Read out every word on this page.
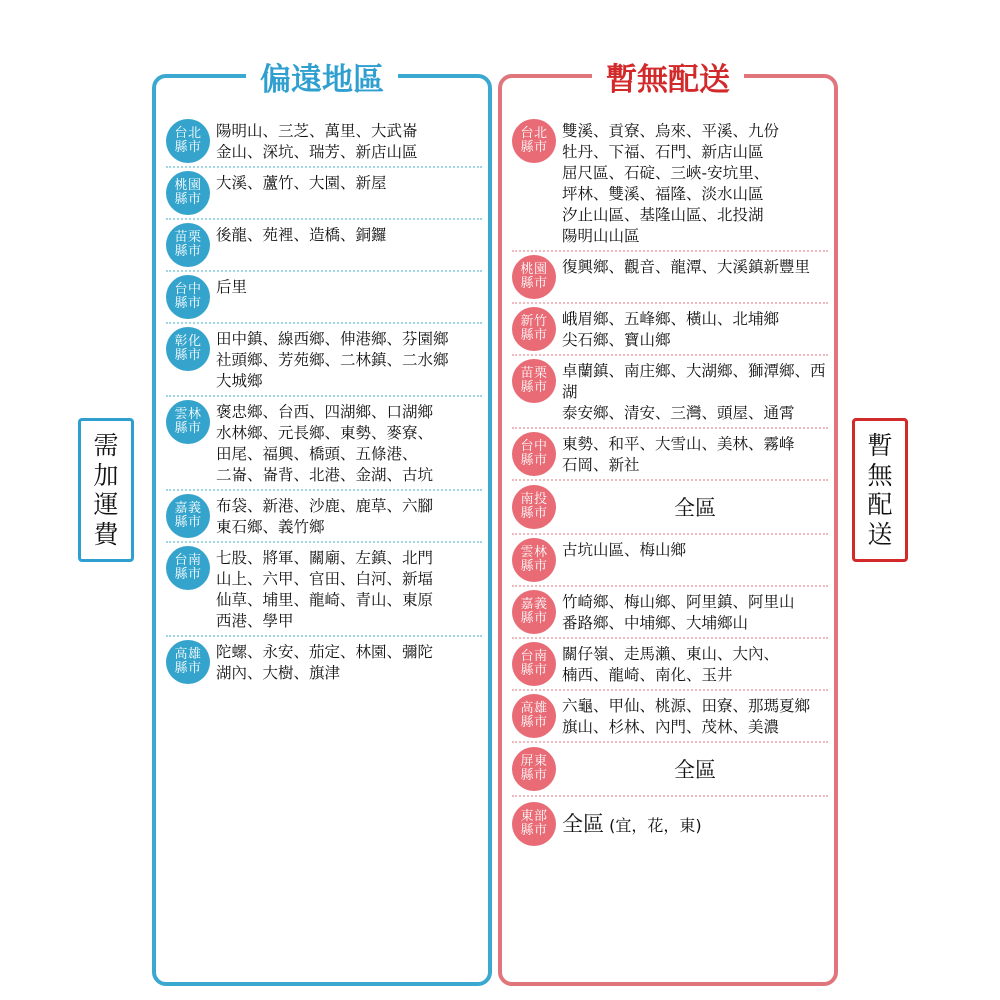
需
加
運
費
暫
無
配
送
偏遠地區
台北
縣市
陽明山、三芝、萬里、大武崙
金山、深坑、瑞芳、新店山區
桃園
縣市
大溪、蘆竹、大園、新屋
苗栗
縣市
後龍、苑裡、造橋、銅鑼
台中
縣市
后里
彰化
縣市
田中鎮、線西鄉、伸港鄉、芬園鄉
社頭鄉、芳苑鄉、二林鎮、二水鄉
大城鄉
雲林
縣市
褒忠鄉、台西、四湖鄉、口湖鄉
水林鄉、元長鄉、東勢、麥寮、
田尾、福興、橋頭、五條港、
二崙、崙背、北港、金湖、古坑
嘉義
縣市
布袋、新港、沙鹿、鹿草、六腳
東石鄉、義竹鄉
台南
縣市
七股、將軍、關廟、左鎮、北門
山上、六甲、官田、白河、新堛
仙草、埔里、龍崎、青山、東原
西港、學甲
高雄
縣市
陀螺、永安、茄定、林園、彌陀
湖內、大樹、旗津
暫無配送
台北
縣市
雙溪、貢寮、烏來、平溪、九份
牡丹、下福、石門、新店山區
屈尺區、石碇、三峽-安坑里、
坪林、雙溪、福隆、淡水山區
汐止山區、基隆山區、北投湖
陽明山山區
桃園
縣市
復興鄉、觀音、龍潭、大溪鎮新豐里
新竹
縣市
峨眉鄉、五峰鄉、橫山、北埔鄉
尖石鄉、寶山鄉
苗栗
縣市
卓蘭鎮、南庄鄉、大湖鄉、獅潭鄉、西湖
泰安鄉、清安、三灣、頭屋、通霄
台中
縣市
東勢、和平、大雪山、美林、霧峰
石岡、新社
南投
縣市	全區
雲林
縣市
古坑山區、梅山鄉
嘉義
縣市
竹崎鄉、梅山鄉、阿里鎮、阿里山
番路鄉、中埔鄉、大埔鄉山
台南
縣市
關仔嶺、走馬瀨、東山、大內、
楠西、龍崎、南化、玉井
高雄
縣市
六龜、甲仙、桃源、田寮、那瑪夏鄉
旗山、杉林、內門、茂林、美濃
屏東
縣市	全區
東部
縣市 全區 (宜，花，東)
